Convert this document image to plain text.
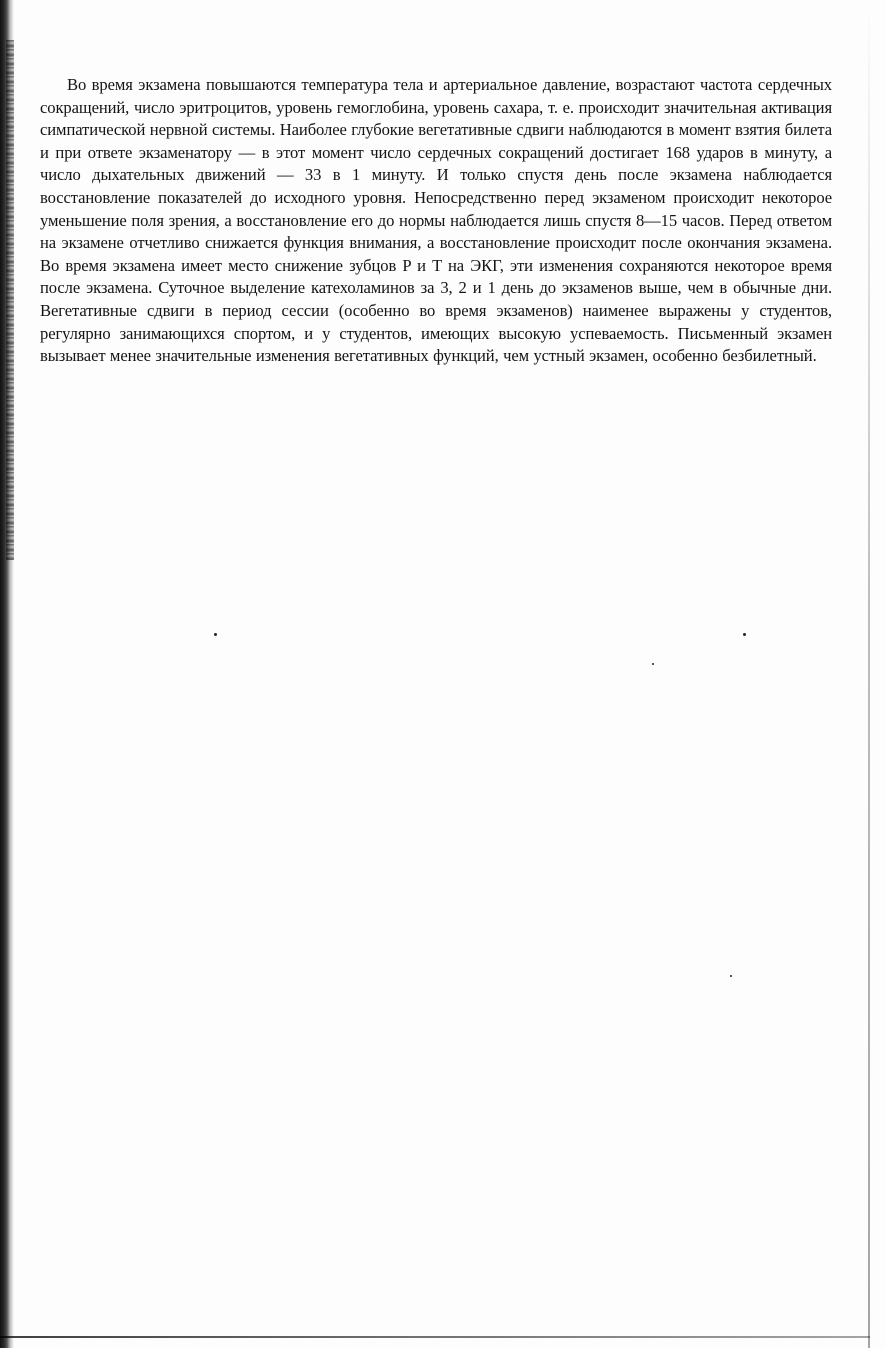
Во время экзамена повышаются температура тела и артериальное давление, возрастают частота сердечных сокращений, число эритроцитов, уровень гемоглобина, уровень сахара, т. е. происходит значительная активация симпатической нервной системы. Наиболее глубокие вегетативные сдвиги наблюдаются в момент взятия билета и при ответе экзаменатору — в этот момент число сердечных сокращений достигает 168 ударов в минуту, а число дыхательных движений — 33 в 1 минуту. И только спустя день после экзамена наблюдается восстановление показателей до исходного уровня. Непосредственно перед экзаменом происходит некоторое уменьшение поля зрения, а восстановление его до нормы наблюдается лишь спустя 8—15 часов. Перед ответом на экзамене отчетливо снижается функция внимания, а восстановление происходит после окончания экзамена. Во время экзамена имеет место снижение зубцов P и T на ЭКГ, эти изменения сохраняются некоторое время после экзамена. Суточное выделение катехоламинов за 3, 2 и 1 день до экзаменов выше, чем в обычные дни. Вегетативные сдвиги в период сессии (особенно во время экзаменов) наименее выражены у студентов, регулярно занимающихся спортом, и у студентов, имеющих высокую успеваемость. Письменный экзамен вызывает менее значительные изменения вегетативных функций, чем устный экзамен, особенно безбилетный.
